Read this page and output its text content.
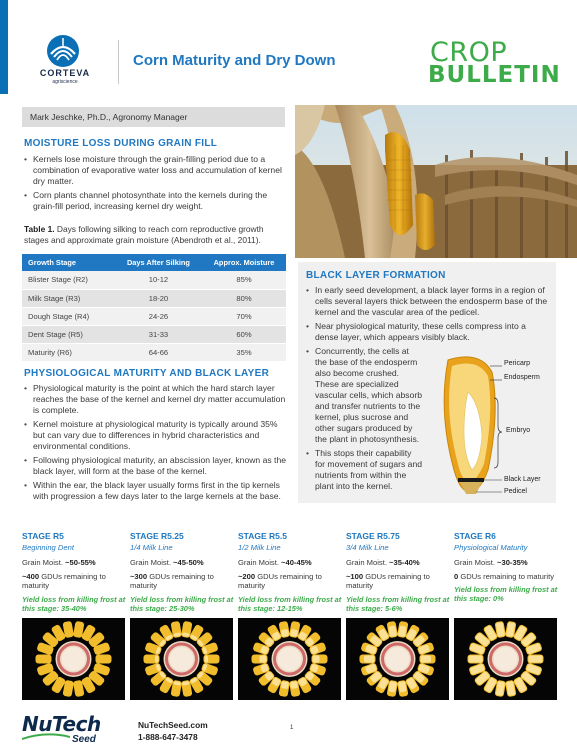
CORTEVA
agriscience
Corn Maturity and Dry Down	CROP
BULLETIN
Mark Jeschke, Ph.D., Agronomy Manager
MOISTURE LOSS DURING GRAIN FILL
• Kernels lose moisture through the grain-filling period due to a combination of evaporative water loss and accumulation of kernel dry matter.
• Corn plants channel photosynthate into the kernels during the grain-fill period, increasing kernel dry weight.
Table 1. Days following silking to reach corn reproductive growth stages and approximate grain moisture (Abendroth et al., 2011).
Growth Stage	Days After Silking	Approx. Moisture
Blister Stage (R2)	10-12	85%
Milk Stage (R3)	18-20	80%
Dough Stage (R4)	24-26	70%
Dent Stage (R5)	31-33	60%
Maturity (R6)	64-66	35%
PHYSIOLOGICAL MATURITY AND BLACK LAYER
• Physiological maturity is the point at which the hard starch layer reaches the base of the kernel and kernel dry matter accumulation is complete.
• Kernel moisture at physiological maturity is typically around 35% but can vary due to differences in hybrid characteristics and environmental conditions.
• Following physiological maturity, an abscission layer, known as the black layer, will form at the base of the kernel.
• Within the ear, the black layer usually forms first in the tip kernels with progression a few days later to the large kernels at the base.
BLACK LAYER FORMATION
• In early seed development, a black layer forms in a region of cells several layers thick between the endosperm base of the kernel and the vascular area of the pedicel.
• Near physiological maturity, these cells compress into a dense layer, which appears visibly black.
• Concurrently, the cells at
the base of the endosperm
also become crushed.
These are specialized
vascular cells, which absorb
and transfer nutrients to the
kernel, plus sucrose and
other sugars produced by
the plant in photosynthesis.
• This stops their capability
for movement of sugars and
nutrients from within the
plant into the kernel.
Pericarp
Endosperm
Embryo
Black Layer
Pedicel
STAGE R5
Beginning Dent
Grain Moist. ~50-55%
~400 GDUs remaining to maturity
Yield loss from killing frost at this stage: 35-40%
STAGE R5.25
1/4 Milk Line
Grain Moist. ~45-50%
~300 GDUs remaining to maturity
Yield loss from killing frost at this stage: 25-30%
STAGE R5.5
1/2 Milk Line
Grain Moist. ~40-45%
~200 GDUs remaining to maturity
Yield loss from killing frost at this stage: 12-15%
STAGE R5.75
3/4 Milk Line
Grain Moist. ~35-40%
~100 GDUs remaining to maturity
Yield loss from killing frost at this stage: 5-6%
STAGE R6
Physiological Maturity
Grain Moist. ~30-35%
0 GDUs remaining to maturity
Yield loss from killing frost at this stage: 0%
NuTech
Seed
NuTechSeed.com
1-888-647-3478
1
